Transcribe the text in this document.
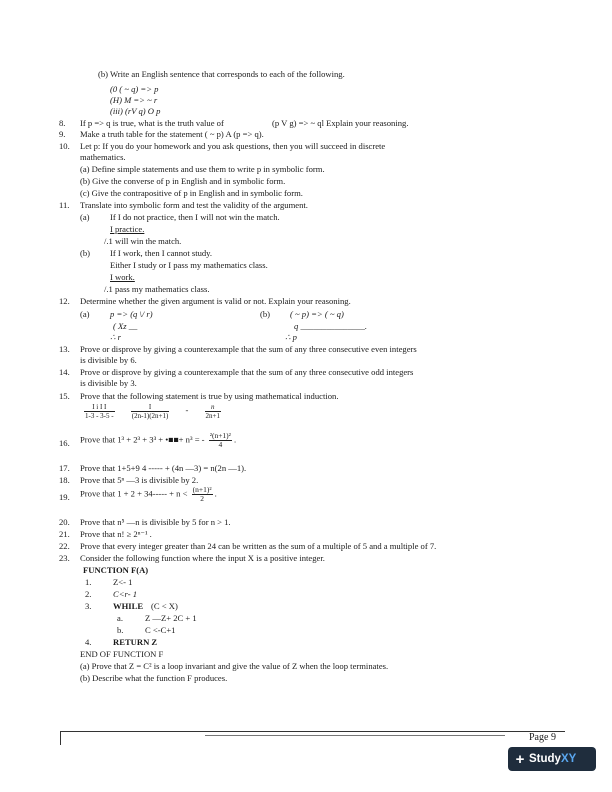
(b) Write an English sentence that corresponds to each of the following.
(0 ( ~ q) => p
(H) M => ~ r
(iii) (rV q) O p
8. If p => q is true, what is the truth value of	(p V g) => ~ ql Explain your reasoning.
9. Make a truth table for the statement ( ~ p) A (p => q).
10. Let p: If you do your homework and you ask questions, then you will succeed in discrete
mathematics.
(a) Define simple statements and use them to write p in symbolic form.
(b) Give the converse of p in English and in symbolic form.
(c) Give the contrapositive of p in English and in symbolic form.
11. Translate into symbolic form and test the validity of the argument.
(a) If I do not practice, then I will not win the match.
I practice.
/.1 will win the match.
(b) If I work, then I cannot study.
Either I study or I pass my mathematics class.
I work.
/.1 pass my mathematics class.
12. Determine whether the given argument is valid or not. Explain your reasoning.
(a) p => (q \/ r)	(b) ( ~ p) => ( ~ q)
( Xz __	q _______________.
∴ r	∴ p
13. Prove or disprove by giving a counterexample that the sum of any three consecutive even integers
is divisible by 6.
14. Prove or disprove by giving a counterexample that the sum of any three consecutive odd integers
is divisible by 3.
15. Prove that the following statement is true by using mathematical induction.
$\frac{\text{I i I I}}{1-3 - 3-5 -}$
$\frac{I}{(2n-1)(2n+1)} - \frac{n}{2n+1}$
16. Prove that 1³ + 2³ + 3³ + •■■+ n³ = - $\frac{\text{²(n+1)²}}{4}$ .
17. Prove that 1+5+9 4 ----- + (4n —3) = n(2n —1).
18. Prove that 5ⁿ —3 is divisible by 2.
19. Prove that $1 + 2 + 34----- + n < \frac{\text{(n+1)²}}{2}$ .
20. Prove that n⁵ —n is divisible by 5 for n > 1.
21. Prove that n! ≥ 2ⁿ⁻¹ .
22. Prove that every integer greater than 24 can be written as the sum of a multiple of 5 and a multiple of 7.
23. Consider the following function where the input X is a positive integer.
FUNCTION F(A)
1.	Z<- 1
2.	C<r- 1
3.	WHILE (C < X)
a.	Z —Z+ 2C + 1
b.	C <-C+1
4.	RETURN Z
END OF FUNCTION F
(a) Prove that Z = C² is a loop invariant and give the value of Z when the loop terminates.
(b) Describe what the function F produces.
Page 9
+ StudyXY
